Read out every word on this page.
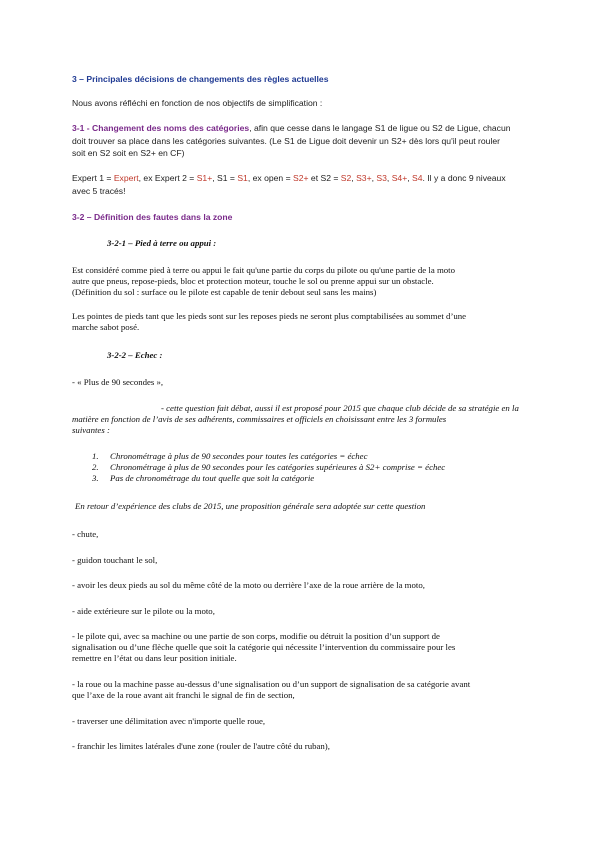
3 – Principales décisions de changements des règles actuelles
Nous avons réfléchi en fonction de nos objectifs de simplification :
3-1 - Changement des noms des catégories, afin que cesse dans le langage S1 de ligue ou S2 de Ligue, chacun
doit trouver sa place dans les catégories suivantes. (Le S1 de Ligue doit devenir un S2+ dès lors qu'il peut rouler
soit en S2 soit en S2+ en CF)
Expert 1 = Expert, ex Expert 2 = S1+, S1 = S1, ex open = S2+ et S2 = S2, S3+, S3, S4+, S4. Il y a donc 9 niveaux
avec 5 tracés!
3-2 – Définition des fautes dans la zone
3-2-1 – Pied à terre ou appui :
Est considéré comme pied à terre ou appui le fait qu'une partie du corps du pilote ou qu'une partie de la moto
autre que pneus, repose-pieds, bloc et protection moteur, touche le sol ou prenne appui sur un obstacle.
(Définition du sol : surface ou le pilote est capable de tenir debout seul sans les mains)
Les pointes de pieds tant que les pieds sont sur les reposes pieds ne seront plus comptabilisées au sommet d’une
marche sabot posé.
3-2-2 – Echec :
- « Plus de 90 secondes »,
- cette question fait débat, aussi il est proposé pour 2015 que chaque club décide de sa stratégie en la
matière en fonction de l’avis de ses adhérents, commissaires et officiels en choisissant entre les 3 formules
suivantes :
1. Chronométrage à plus de 90 secondes pour toutes les catégories = échec
2. Chronométrage à plus de 90 secondes pour les catégories supérieures à S2+ comprise = échec
3. Pas de chronométrage du tout quelle que soit la catégorie
En retour d’expérience des clubs de 2015, une proposition générale sera adoptée sur cette question
- chute,
- guidon touchant le sol,
- avoir les deux pieds au sol du même côté de la moto ou derrière l’axe de la roue arrière de la moto,
- aide extérieure sur le pilote ou la moto,
- le pilote qui, avec sa machine ou une partie de son corps, modifie ou détruit la position d’un support de
signalisation ou d’une flèche quelle que soit la catégorie qui nécessite l’intervention du commissaire pour les
remettre en l’état ou dans leur position initiale.
- la roue ou la machine passe au-dessus d’une signalisation ou d’un support de signalisation de sa catégorie avant
que l’axe de la roue avant ait franchi le signal de fin de section,
- traverser une délimitation avec n'importe quelle roue,
- franchir les limites latérales d'une zone (rouler de l'autre côté du ruban),
